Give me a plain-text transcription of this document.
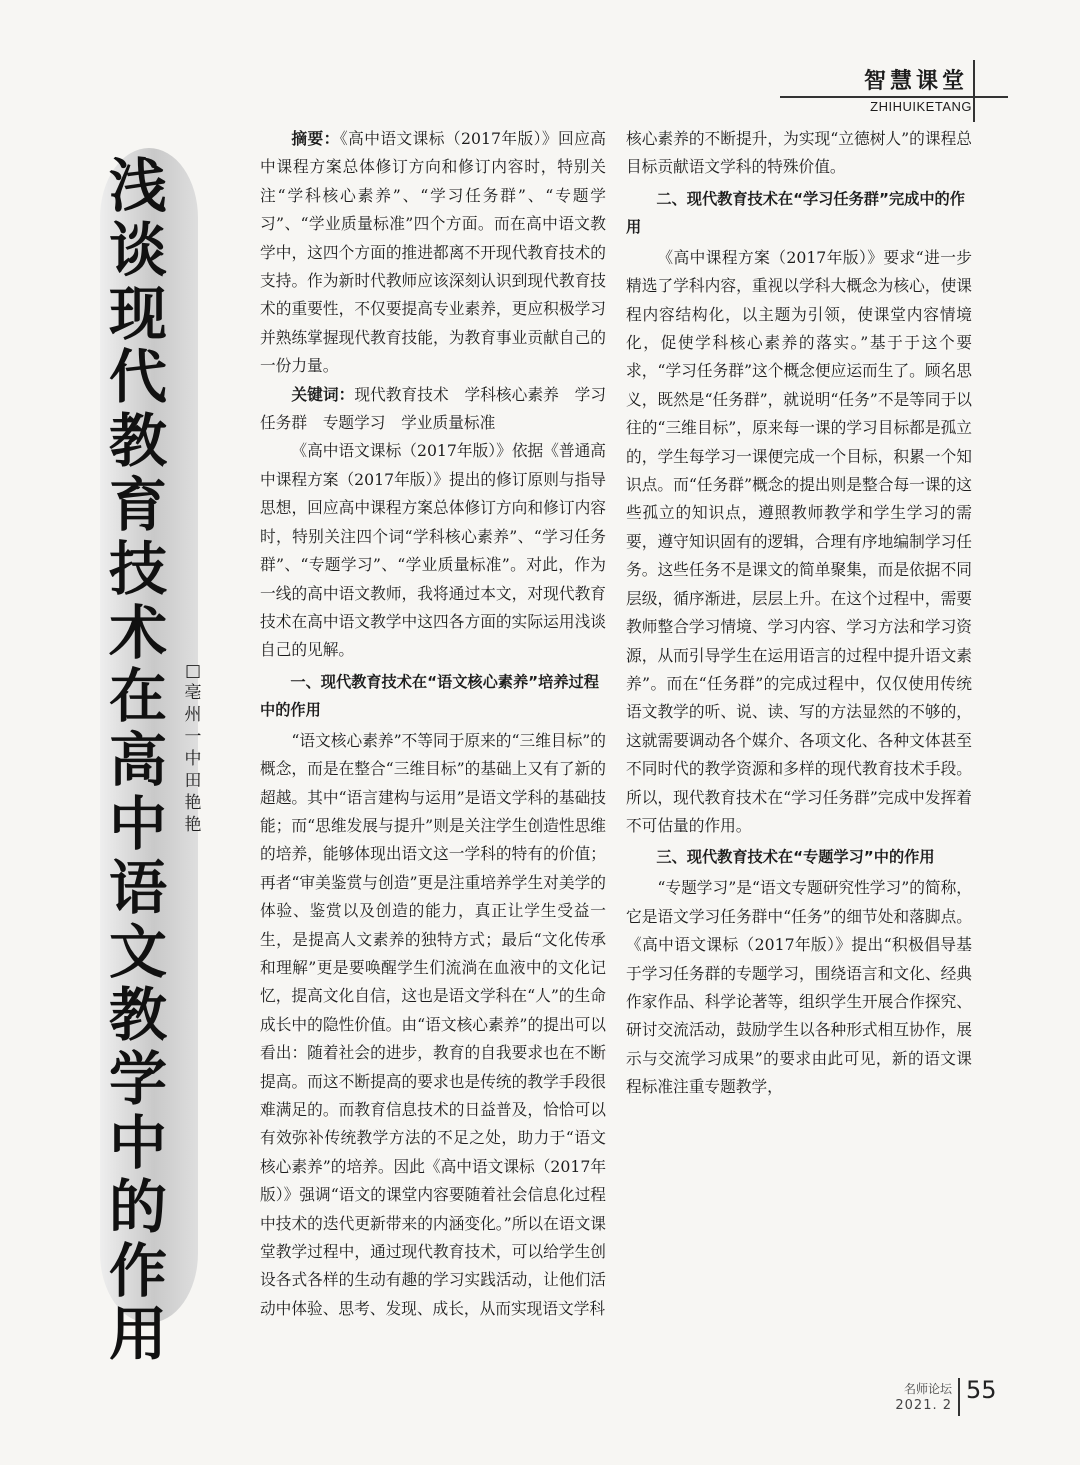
智慧课堂
ZHIHUIKETANG
浅谈现代教育技术在高中语文教学中的作用
□亳州一中 田艳艳

摘要：《高中语文课标（2017年版）》回应高中课程方案总体修订方向和修订内容时，特别关注“学科核心素养”、“学习任务群”、“专题学习”、“学业质量标准”四个方面。而在高中语文教学中，这四个方面的推进都离不开现代教育技术的支持。作为新时代教师应该深刻认识到现代教育技术的重要性，不仅要提高专业素养，更应积极学习并熟练掌握现代教育技能，为教育事业贡献自己的一份力量。

关键词：现代教育技术　学科核心素养　学习任务群　专题学习　学业质量标准

《高中语文课标（2017年版）》依据《普通高中课程方案（2017年版）》提出的修订原则与指导思想，回应高中课程方案总体修订方向和修订内容时，特别关注四个词“学科核心素养”、“学习任务群”、“专题学习”、“学业质量标准”。对此，作为一线的高中语文教师，我将通过本文，对现代教育技术在高中语文教学中这四各方面的实际运用浅谈自己的见解。

一、现代教育技术在“语文核心素养”培养过程中的作用

“语文核心素养”不等同于原来的“三维目标”的概念，而是在整合“三维目标”的基础上又有了新的超越。其中“语言建构与运用”是语文学科的基础技能；而“思维发展与提升”则是关注学生创造性思维的培养，能够体现出语文这一学科的特有的价值；再者“审美鉴赏与创造”更是注重培养学生对美学的体验、鉴赏以及创造的能力，真正让学生受益一生，是提高人文素养的独特方式；最后“文化传承和理解”更是要唤醒学生们流淌在血液中的文化记忆，提高文化自信，这也是语文学科在“人”的生命成长中的隐性价值。由“语文核心素养”的提出可以看出：随着社会的进步，教育的自我要求也在不断提高。而这不断提高的要求也是传统的教学手段很难满足的。而教育信息技术的日益普及，恰恰可以有效弥补传统教学方法的不足之处，助力于“语文核心素养”的培养。因此《高中语文课标（2017年版）》强调“语文的课堂内容要随着社会信息化过程中技术的迭代更新带来的内涵变化。”所以在语文课堂教学过程中，通过现代教育技术，可以给学生创设各式各样的生动有趣的学习实践活动，让他们活动中体验、思考、发现、成长，从而实现语文学科

核心素养的不断提升，为实现“立德树人”的课程总目标贡献语文学科的特殊价值。

二、现代教育技术在“学习任务群”完成中的作用

《高中课程方案（2017年版）》要求“进一步精选了学科内容，重视以学科大概念为核心，使课程内容结构化，以主题为引领，使课堂内容情境化，促使学科核心素养的落实。”基于于这个要求，“学习任务群”这个概念便应运而生了。顾名思义，既然是“任务群”，就说明“任务”不是等同于以往的“三维目标”，原来每一课的学习目标都是孤立的，学生每学习一课便完成一个目标，积累一个知识点。而“任务群”概念的提出则是整合每一课的这些孤立的知识点，遵照教师教学和学生学习的需要，遵守知识固有的逻辑，合理有序地编制学习任务。这些任务不是课文的简单聚集，而是依据不同层级，循序渐进，层层上升。在这个过程中，需要教师整合学习情境、学习内容、学习方法和学习资源，从而引导学生在运用语言的过程中提升语文素养”。而在“任务群”的完成过程中，仅仅使用传统语文教学的听、说、读、写的方法显然的不够的，这就需要调动各个媒介、各项文化、各种文体甚至不同时代的教学资源和多样的现代教育技术手段。所以，现代教育技术在“学习任务群”完成中发挥着不可估量的作用。

三、现代教育技术在“专题学习”中的作用

“专题学习”是“语文专题研究性学习”的简称，它是语文学习任务群中“任务”的细节处和落脚点。《高中语文课标（2017年版）》提出“积极倡导基于学习任务群的专题学习，围绕语言和文化、经典作家作品、科学论著等，组织学生开展合作探究、研讨交流活动，鼓励学生以各种形式相互协作，展示与交流学习成果”的要求由此可见，新的语文课程标准注重专题教学，

名师论坛
2021. 2
55
